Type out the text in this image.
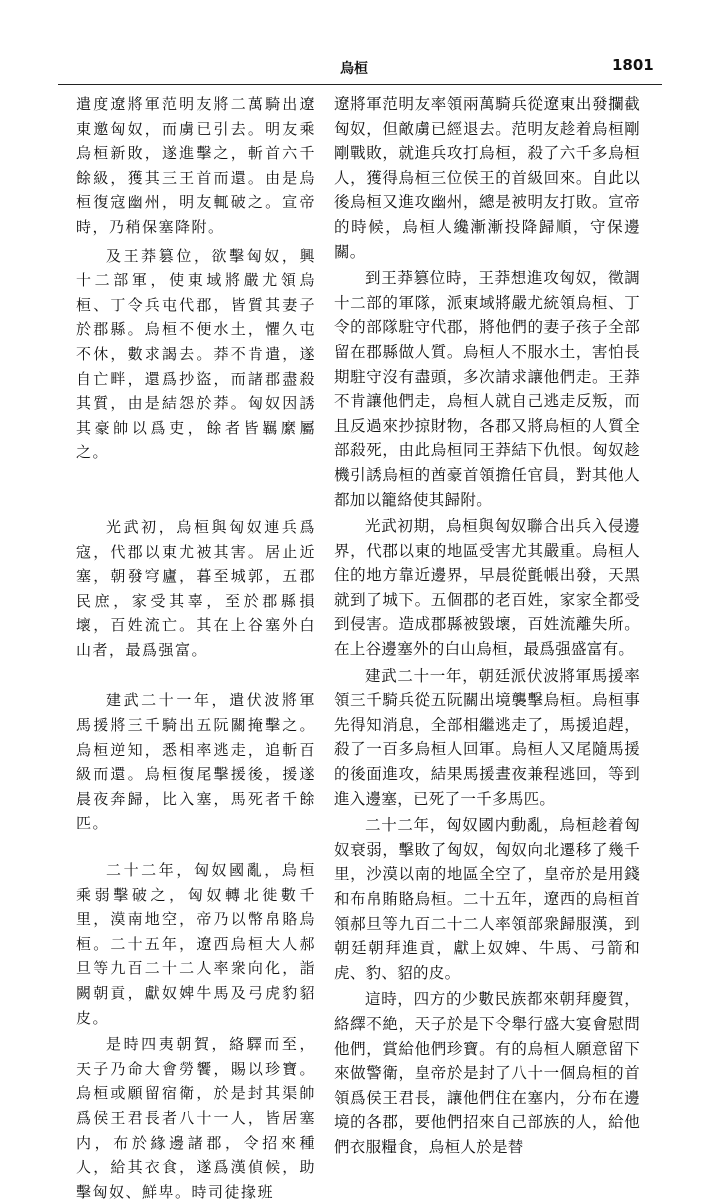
烏桓	1801

遣度遼將軍范明友將二萬騎出遼東邀匈奴，而虜已引去。明友乘烏桓新敗，遂進擊之，斬首六千餘級，獲其三王首而還。由是烏桓復寇幽州，明友輒破之。宣帝時，乃稍保塞降附。

及王莽篡位，欲擊匈奴，興十二部軍，使東域將嚴尤領烏桓、丁令兵屯代郡，皆質其妻子於郡縣。烏桓不便水土，懼久屯不休，數求謁去。莽不肯遣，遂自亡畔，還爲抄盜，而諸郡盡殺其質，由是結怨於莽。匈奴因誘其豪帥以爲吏，餘者皆羈縻屬之。

光武初，烏桓與匈奴連兵爲寇，代郡以東尤被其害。居止近塞，朝發穹廬，暮至城郭，五郡民庶，家受其辜，至於郡縣損壞，百姓流亡。其在上谷塞外白山者，最爲强富。

建武二十一年，遣伏波將軍馬援將三千騎出五阮關掩擊之。烏桓逆知，悉相率逃走，追斬百級而還。烏桓復尾擊援後，援遂晨夜奔歸，比入塞，馬死者千餘匹。

二十二年，匈奴國亂，烏桓乘弱擊破之，匈奴轉北徙數千里，漠南地空，帝乃以幣帛賂烏桓。二十五年，遼西烏桓大人郝旦等九百二十二人率衆向化，詣闕朝貢，獻奴婢牛馬及弓虎豹貂皮。

是時四夷朝賀，絡驛而至，天子乃命大會勞饗，賜以珍寶。烏桓或願留宿衛，於是封其渠帥爲侯王君長者八十一人，皆居塞内，布於緣邊諸郡，令招來種人，給其衣食，遂爲漢偵候，助擊匈奴、鮮卑。時司徒掾班

遼將軍范明友率領兩萬騎兵從遼東出發攔截匈奴，但敵虜已經退去。范明友趁着烏桓剛剛戰敗，就進兵攻打烏桓，殺了六千多烏桓人，獲得烏桓三位侯王的首級回來。自此以後烏桓又進攻幽州，總是被明友打敗。宣帝的時候，烏桓人纔漸漸投降歸順，守保邊關。

到王莽篡位時，王莽想進攻匈奴，徵調十二部的軍隊，派東域將嚴尤統領烏桓、丁令的部隊駐守代郡，將他們的妻子孩子全部留在郡縣做人質。烏桓人不服水土，害怕長期駐守沒有盡頭，多次請求讓他們走。王莽不肯讓他們走，烏桓人就自己逃走反叛，而且反過來抄掠財物，各郡又將烏桓的人質全部殺死，由此烏桓同王莽結下仇恨。匈奴趁機引誘烏桓的酋豪首領擔任官員，對其他人都加以籠絡使其歸附。

光武初期，烏桓與匈奴聯合出兵入侵邊界，代郡以東的地區受害尤其嚴重。烏桓人住的地方靠近邊界，早晨從氈帳出發，天黑就到了城下。五個郡的老百姓，家家全都受到侵害。造成郡縣被毀壞，百姓流離失所。在上谷邊塞外的白山烏桓，最爲强盛富有。

建武二十一年，朝廷派伏波將軍馬援率領三千騎兵從五阮關出境襲擊烏桓。烏桓事先得知消息，全部相繼逃走了，馬援追趕，殺了一百多烏桓人回軍。烏桓人又尾隨馬援的後面進攻，結果馬援晝夜兼程逃回，等到進入邊塞，已死了一千多馬匹。

二十二年，匈奴國内動亂，烏桓趁着匈奴衰弱，擊敗了匈奴，匈奴向北遷移了幾千里，沙漠以南的地區全空了，皇帝於是用錢和布帛賄賂烏桓。二十五年，遼西的烏桓首領郝旦等九百二十二人率領部衆歸服漢，到朝廷朝拜進貢，獻上奴婢、牛馬、弓箭和虎、豹、貂的皮。

這時，四方的少數民族都來朝拜慶賀，絡繹不絶，天子於是下令舉行盛大宴會慰問他們，賞給他們珍寶。有的烏桓人願意留下來做警衛，皇帝於是封了八十一個烏桓的首領爲侯王君長，讓他們住在塞内，分布在邊境的各郡，要他們招來自己部族的人，給他們衣服糧食，烏桓人於是替
